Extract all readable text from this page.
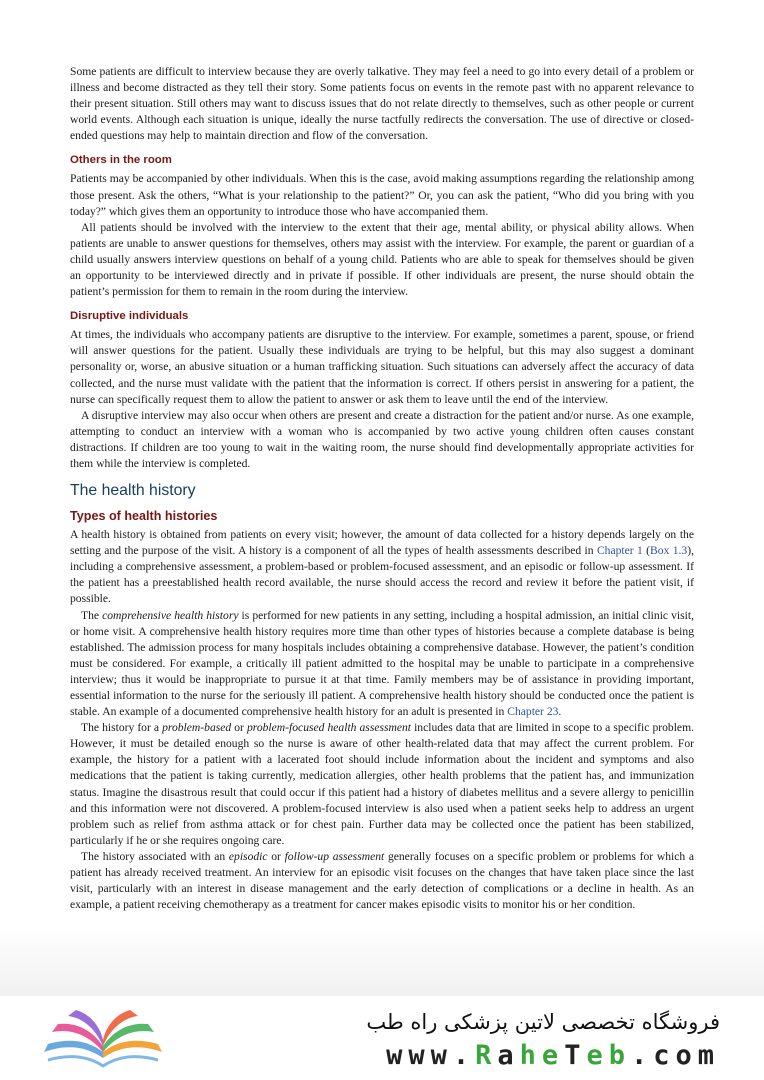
Some patients are difficult to interview because they are overly talkative. They may feel a need to go into every detail of a problem or illness and become distracted as they tell their story. Some patients focus on events in the remote past with no apparent relevance to their present situation. Still others may want to discuss issues that do not relate directly to themselves, such as other people or current world events. Although each situation is unique, ideally the nurse tactfully redirects the conversation. The use of directive or closed-ended questions may help to maintain direction and flow of the conversation.

Others in the room

Patients may be accompanied by other individuals. When this is the case, avoid making assumptions regarding the relationship among those present. Ask the others, “What is your relationship to the patient?” Or, you can ask the patient, “Who did you bring with you today?” which gives them an opportunity to introduce those who have accompanied them.

All patients should be involved with the interview to the extent that their age, mental ability, or physical ability allows. When patients are unable to answer questions for themselves, others may assist with the interview. For example, the parent or guardian of a child usually answers interview questions on behalf of a young child. Patients who are able to speak for themselves should be given an opportunity to be interviewed directly and in private if possible. If other individuals are present, the nurse should obtain the patient’s permission for them to remain in the room during the interview.

Disruptive individuals

At times, the individuals who accompany patients are disruptive to the interview. For example, sometimes a parent, spouse, or friend will answer questions for the patient. Usually these individuals are trying to be helpful, but this may also suggest a dominant personality or, worse, an abusive situation or a human trafficking situation. Such situations can adversely affect the accuracy of data collected, and the nurse must validate with the patient that the information is correct. If others persist in answering for a patient, the nurse can specifically request them to allow the patient to answer or ask them to leave until the end of the interview.

A disruptive interview may also occur when others are present and create a distraction for the patient and/or nurse. As one example, attempting to conduct an interview with a woman who is accompanied by two active young children often causes constant distractions. If children are too young to wait in the waiting room, the nurse should find developmentally appropriate activities for them while the interview is completed.

The health history
Types of health histories

A health history is obtained from patients on every visit; however, the amount of data collected for a history depends largely on the setting and the purpose of the visit. A history is a component of all the types of health assessments described in Chapter 1 (Box 1.3), including a comprehensive assessment, a problem-based or problem-focused assessment, and an episodic or follow-up assessment. If the patient has a preestablished health record available, the nurse should access the record and review it before the patient visit, if possible.

The comprehensive health history is performed for new patients in any setting, including a hospital admission, an initial clinic visit, or home visit. A comprehensive health history requires more time than other types of histories because a complete database is being established. The admission process for many hospitals includes obtaining a comprehensive database. However, the patient’s condition must be considered. For example, a critically ill patient admitted to the hospital may be unable to participate in a comprehensive interview; thus it would be inappropriate to pursue it at that time. Family members may be of assistance in providing important, essential information to the nurse for the seriously ill patient. A comprehensive health history should be conducted once the patient is stable. An example of a documented comprehensive health history for an adult is presented in Chapter 23.

The history for a problem-based or problem-focused health assessment includes data that are limited in scope to a specific problem. However, it must be detailed enough so the nurse is aware of other health-related data that may affect the current problem. For example, the history for a patient with a lacerated foot should include information about the incident and symptoms and also medications that the patient is taking currently, medication allergies, other health problems that the patient has, and immunization status. Imagine the disastrous result that could occur if this patient had a history of diabetes mellitus and a severe allergy to penicillin and this information were not discovered. A problem-focused interview is also used when a patient seeks help to address an urgent problem such as relief from asthma attack or for chest pain. Further data may be collected once the patient has been stabilized, particularly if he or she requires ongoing care.

The history associated with an episodic or follow-up assessment generally focuses on a specific problem or problems for which a patient has already received treatment. An interview for an episodic visit focuses on the changes that have taken place since the last visit, particularly with an interest in disease management and the early detection of complications or a decline in health. As an example, a patient receiving chemotherapy as a treatment for cancer makes episodic visits to monitor his or her condition.

فروشگاه تخصصی لاتین پزشکی راه طب
www.RaheTeb.com
